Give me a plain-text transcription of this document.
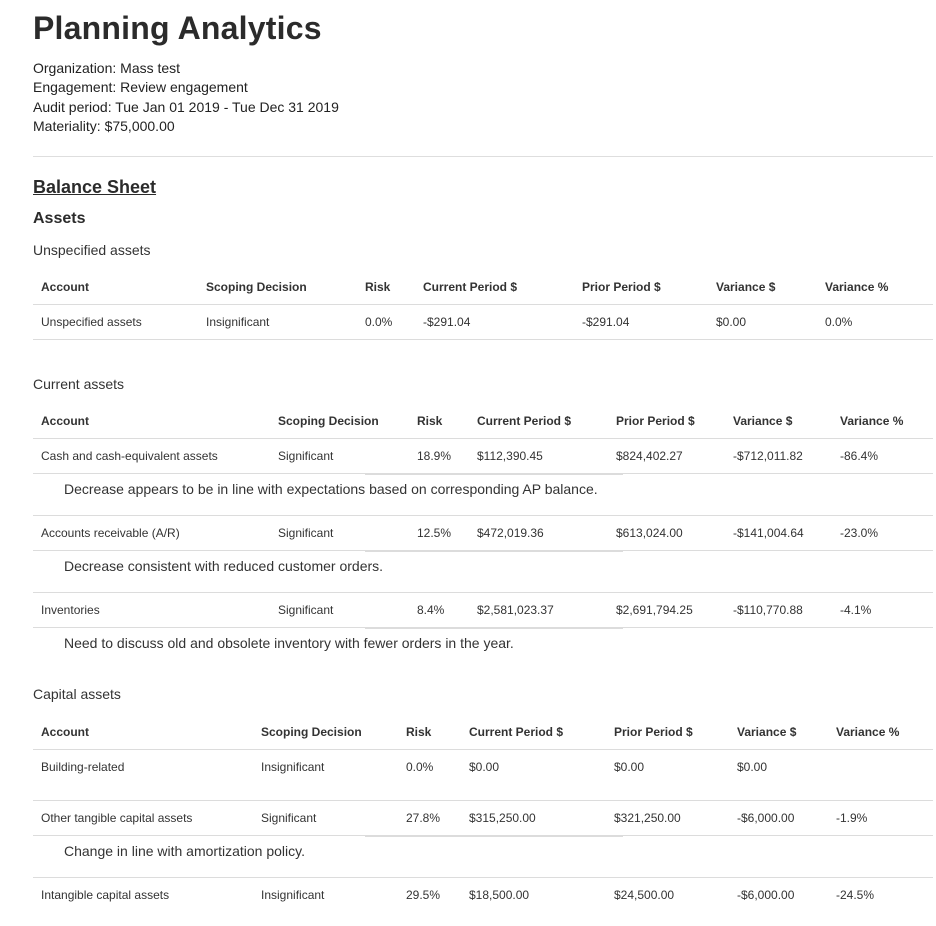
Planning Analytics
Organization: Mass test
Engagement: Review engagement
Audit period: Tue Jan 01 2019 - Tue Dec 31 2019
Materiality: $75,000.00
Balance Sheet
Assets
Unspecified assets
Account	Scoping Decision	Risk	Current Period $	Prior Period $	Variance $	Variance %
Unspecified assets	Insignificant	0.0%	-$291.04	-$291.04	$0.00	0.0%
Current assets
Account	Scoping Decision	Risk	Current Period $	Prior Period $	Variance $	Variance %
Cash and cash-equivalent assets	Significant	18.9% $112,390.45	$824,402.27	-$712,011.82	-86.4%
Decrease appears to be in line with expectations based on corresponding AP balance.
Accounts receivable (A/R)	Significant	12.5% $472,019.36	$613,024.00	-$141,004.64	-23.0%
Decrease consistent with reduced customer orders.
Inventories	Significant	8.4%	$2,581,023.37	$2,691,794.25	-$110,770.88	-4.1%
Need to discuss old and obsolete inventory with fewer orders in the year.
Capital assets
Account	Scoping Decision	Risk	Current Period $	Prior Period $	Variance $	Variance %
Building-related	Insignificant	0.0%	$0.00	$0.00	$0.00
Other tangible capital assets	Significant	27.8% $315,250.00	$321,250.00	-$6,000.00	-1.9%
Change in line with amortization policy.
Intangible capital assets	Insignificant	29.5% $18,500.00	$24,500.00	-$6,000.00	-24.5%
